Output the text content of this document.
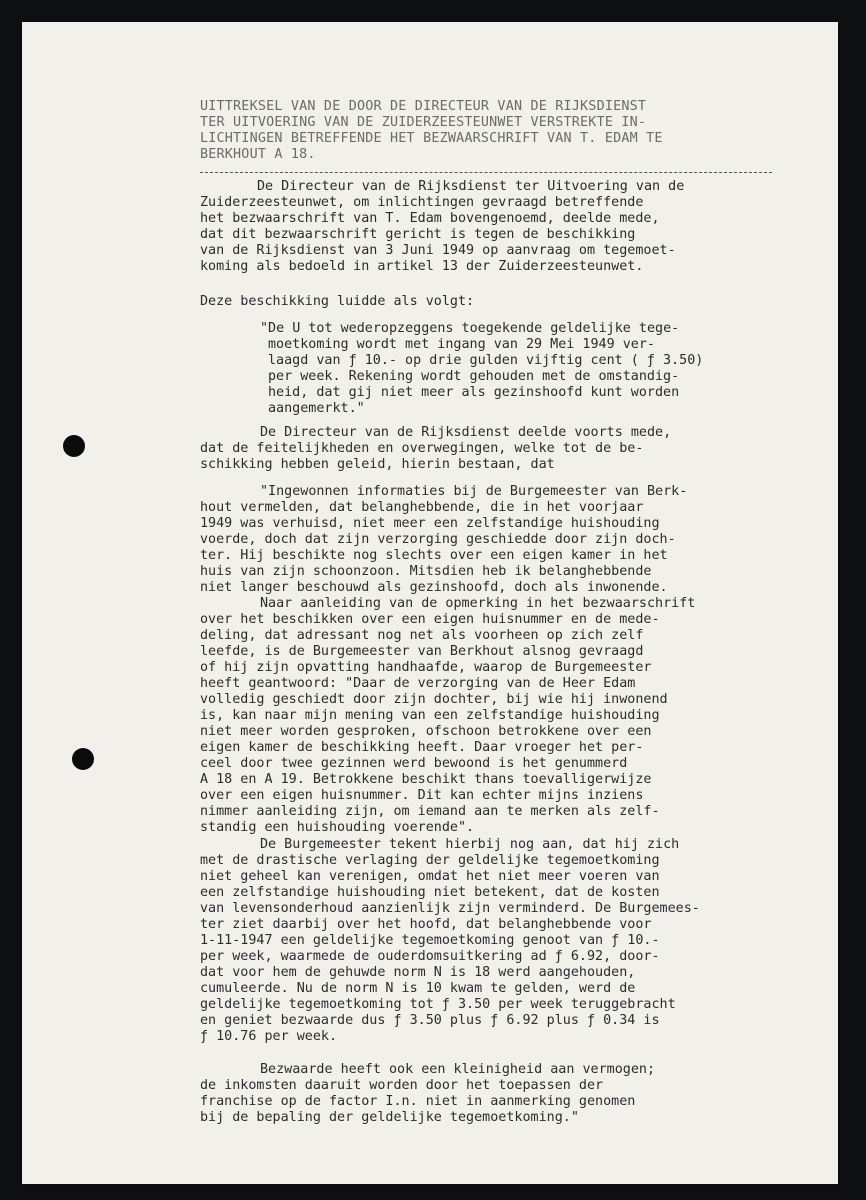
UITTREKSEL VAN DE DOOR DE DIRECTEUR VAN DE RIJKSDIENST
TER UITVOERING VAN DE ZUIDERZEESTEUNWET VERSTREKTE IN-
LICHTINGEN BETREFFENDE HET BEZWAARSCHRIFT VAN T. EDAM TE
BERKHOUT A 18.
De Directeur van de Rijksdienst ter Uitvoering van de
Zuiderzeesteunwet, om inlichtingen gevraagd betreffende
het bezwaarschrift van T. Edam bovengenoemd, deelde mede,
dat dit bezwaarschrift gericht is tegen de beschikking
van de Rijksdienst van 3 Juni 1949 op aanvraag om tegemoet-
koming als bedoeld in artikel 13 der Zuiderzeesteunwet.
Deze beschikking luidde als volgt:
"De U tot wederopzeggens toegekende geldelijke tege-
moetkoming wordt met ingang van 29 Mei 1949 ver-
laagd van ƒ 10.- op drie gulden vijftig cent ( ƒ 3.50)
per week. Rekening wordt gehouden met de omstandig-
heid, dat gij niet meer als gezinshoofd kunt worden
aangemerkt."
De Directeur van de Rijksdienst deelde voorts mede,
dat de feitelijkheden en overwegingen, welke tot de be-
schikking hebben geleid, hierin bestaan, dat
"Ingewonnen informaties bij de Burgemeester van Berk-
hout vermelden, dat belanghebbende, die in het voorjaar
1949 was verhuisd, niet meer een zelfstandige huishouding
voerde, doch dat zijn verzorging geschiedde door zijn doch-
ter. Hij beschikte nog slechts over een eigen kamer in het
huis van zijn schoonzoon. Mitsdien heb ik belanghebbende
niet langer beschouwd als gezinshoofd, doch als inwonende.
Naar aanleiding van de opmerking in het bezwaarschrift
over het beschikken over een eigen huisnummer en de mede-
deling, dat adressant nog net als voorheen op zich zelf
leefde, is de Burgemeester van Berkhout alsnog gevraagd
of hij zijn opvatting handhaafde, waarop de Burgemeester
heeft geantwoord: "Daar de verzorging van de Heer Edam
volledig geschiedt door zijn dochter, bij wie hij inwonend
is, kan naar mijn mening van een zelfstandige huishouding
niet meer worden gesproken, ofschoon betrokkene over een
eigen kamer de beschikking heeft. Daar vroeger het per-
ceel door twee gezinnen werd bewoond is het genummerd
A 18 en A 19. Betrokkene beschikt thans toevalligerwijze
over een eigen huisnummer. Dit kan echter mijns inziens
nimmer aanleiding zijn, om iemand aan te merken als zelf-
standig een huishouding voerende".
De Burgemeester tekent hierbij nog aan, dat hij zich
met de drastische verlaging der geldelijke tegemoetkoming
niet geheel kan verenigen, omdat het niet meer voeren van
een zelfstandige huishouding niet betekent, dat de kosten
van levensonderhoud aanzienlijk zijn verminderd. De Burgemees-
ter ziet daarbij over het hoofd, dat belanghebbende voor
1-11-1947 een geldelijke tegemoetkoming genoot van ƒ 10.-
per week, waarmede de ouderdomsuitkering ad ƒ 6.92, door-
dat voor hem de gehuwde norm N is 18 werd aangehouden,
cumuleerde. Nu de norm N is 10 kwam te gelden, werd de
geldelijke tegemoetkoming tot ƒ 3.50 per week teruggebracht
en geniet bezwaarde dus ƒ 3.50 plus ƒ 6.92 plus ƒ 0.34 is
ƒ 10.76 per week.
Bezwaarde heeft ook een kleinigheid aan vermogen;
de inkomsten daaruit worden door het toepassen der
franchise op de factor I.n. niet in aanmerking genomen
bij de bepaling der geldelijke tegemoetkoming."
